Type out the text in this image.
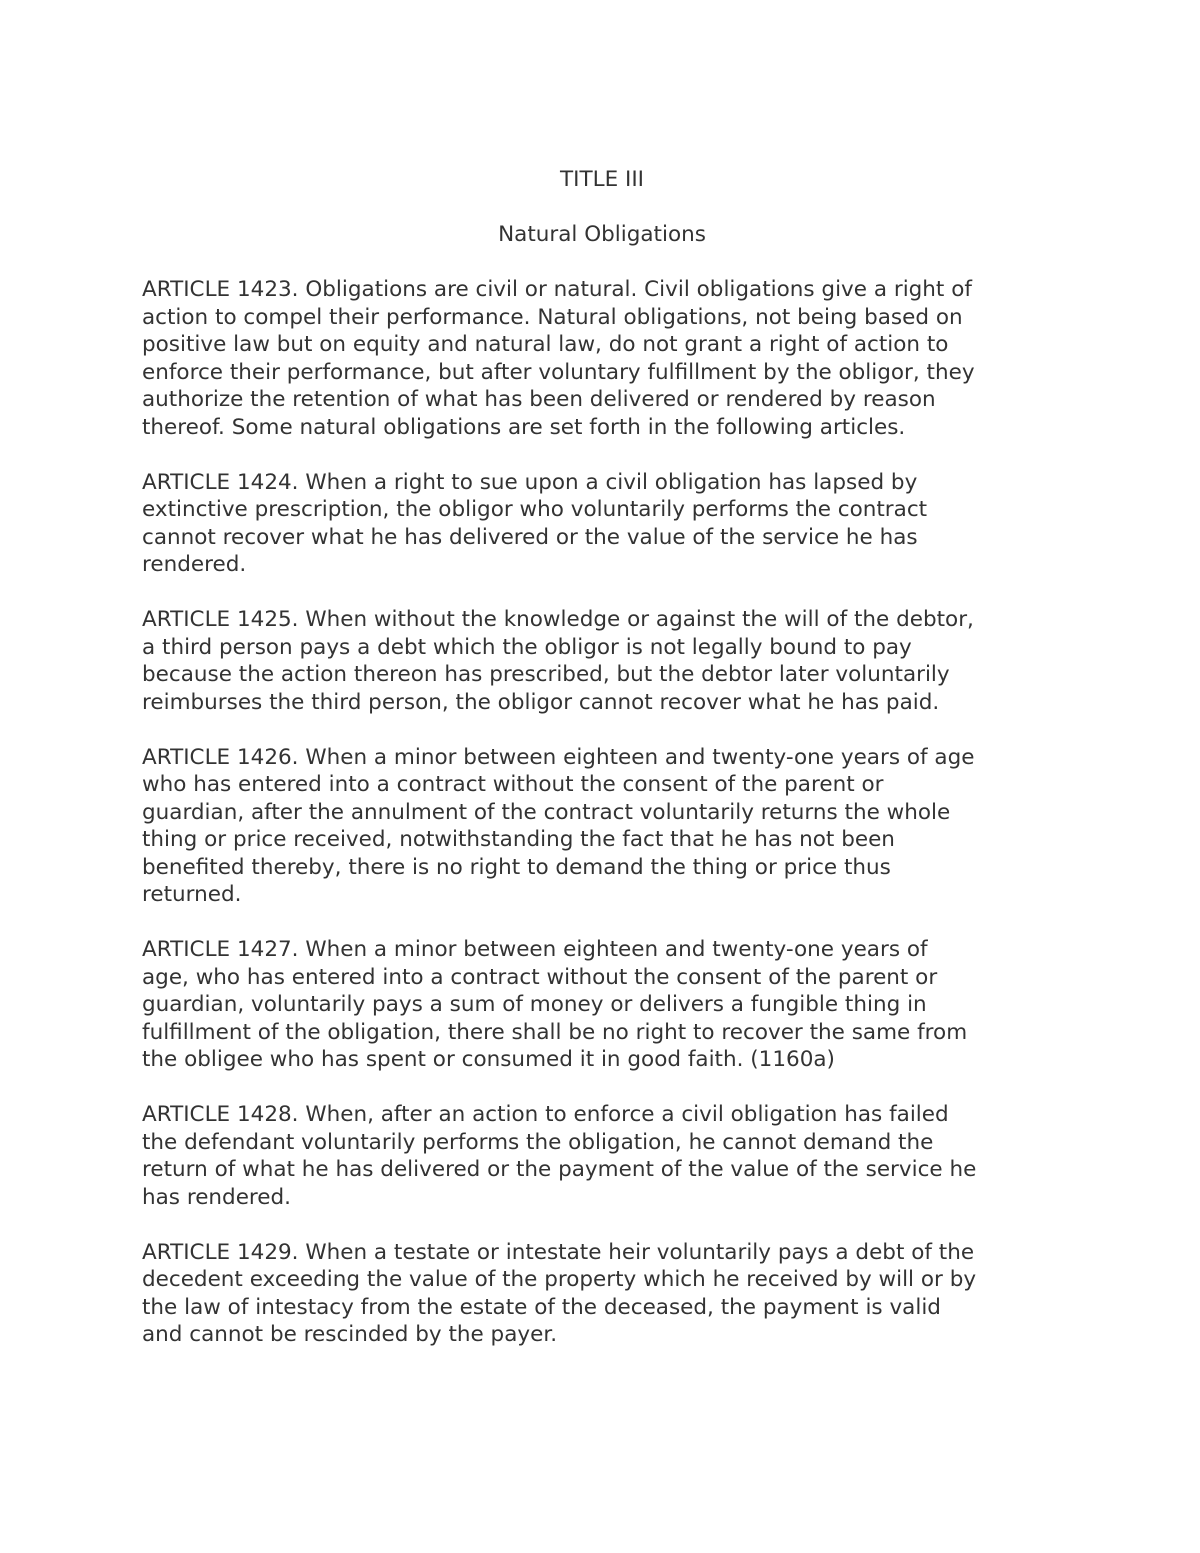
TITLE III
Natural Obligations
ARTICLE 1423. Obligations are civil or natural. Civil obligations give a right of
action to compel their performance. Natural obligations, not being based on
positive law but on equity and natural law, do not grant a right of action to
enforce their performance, but after voluntary fulfillment by the obligor, they
authorize the retention of what has been delivered or rendered by reason
thereof. Some natural obligations are set forth in the following articles.
ARTICLE 1424. When a right to sue upon a civil obligation has lapsed by
extinctive prescription, the obligor who voluntarily performs the contract
cannot recover what he has delivered or the value of the service he has
rendered.
ARTICLE 1425. When without the knowledge or against the will of the debtor,
a third person pays a debt which the obligor is not legally bound to pay
because the action thereon has prescribed, but the debtor later voluntarily
reimburses the third person, the obligor cannot recover what he has paid.
ARTICLE 1426. When a minor between eighteen and twenty-one years of age
who has entered into a contract without the consent of the parent or
guardian, after the annulment of the contract voluntarily returns the whole
thing or price received, notwithstanding the fact that he has not been
benefited thereby, there is no right to demand the thing or price thus
returned.
ARTICLE 1427. When a minor between eighteen and twenty-one years of
age, who has entered into a contract without the consent of the parent or
guardian, voluntarily pays a sum of money or delivers a fungible thing in
fulfillment of the obligation, there shall be no right to recover the same from
the obligee who has spent or consumed it in good faith. (1160a)
ARTICLE 1428. When, after an action to enforce a civil obligation has failed
the defendant voluntarily performs the obligation, he cannot demand the
return of what he has delivered or the payment of the value of the service he
has rendered.
ARTICLE 1429. When a testate or intestate heir voluntarily pays a debt of the
decedent exceeding the value of the property which he received by will or by
the law of intestacy from the estate of the deceased, the payment is valid
and cannot be rescinded by the payer.
